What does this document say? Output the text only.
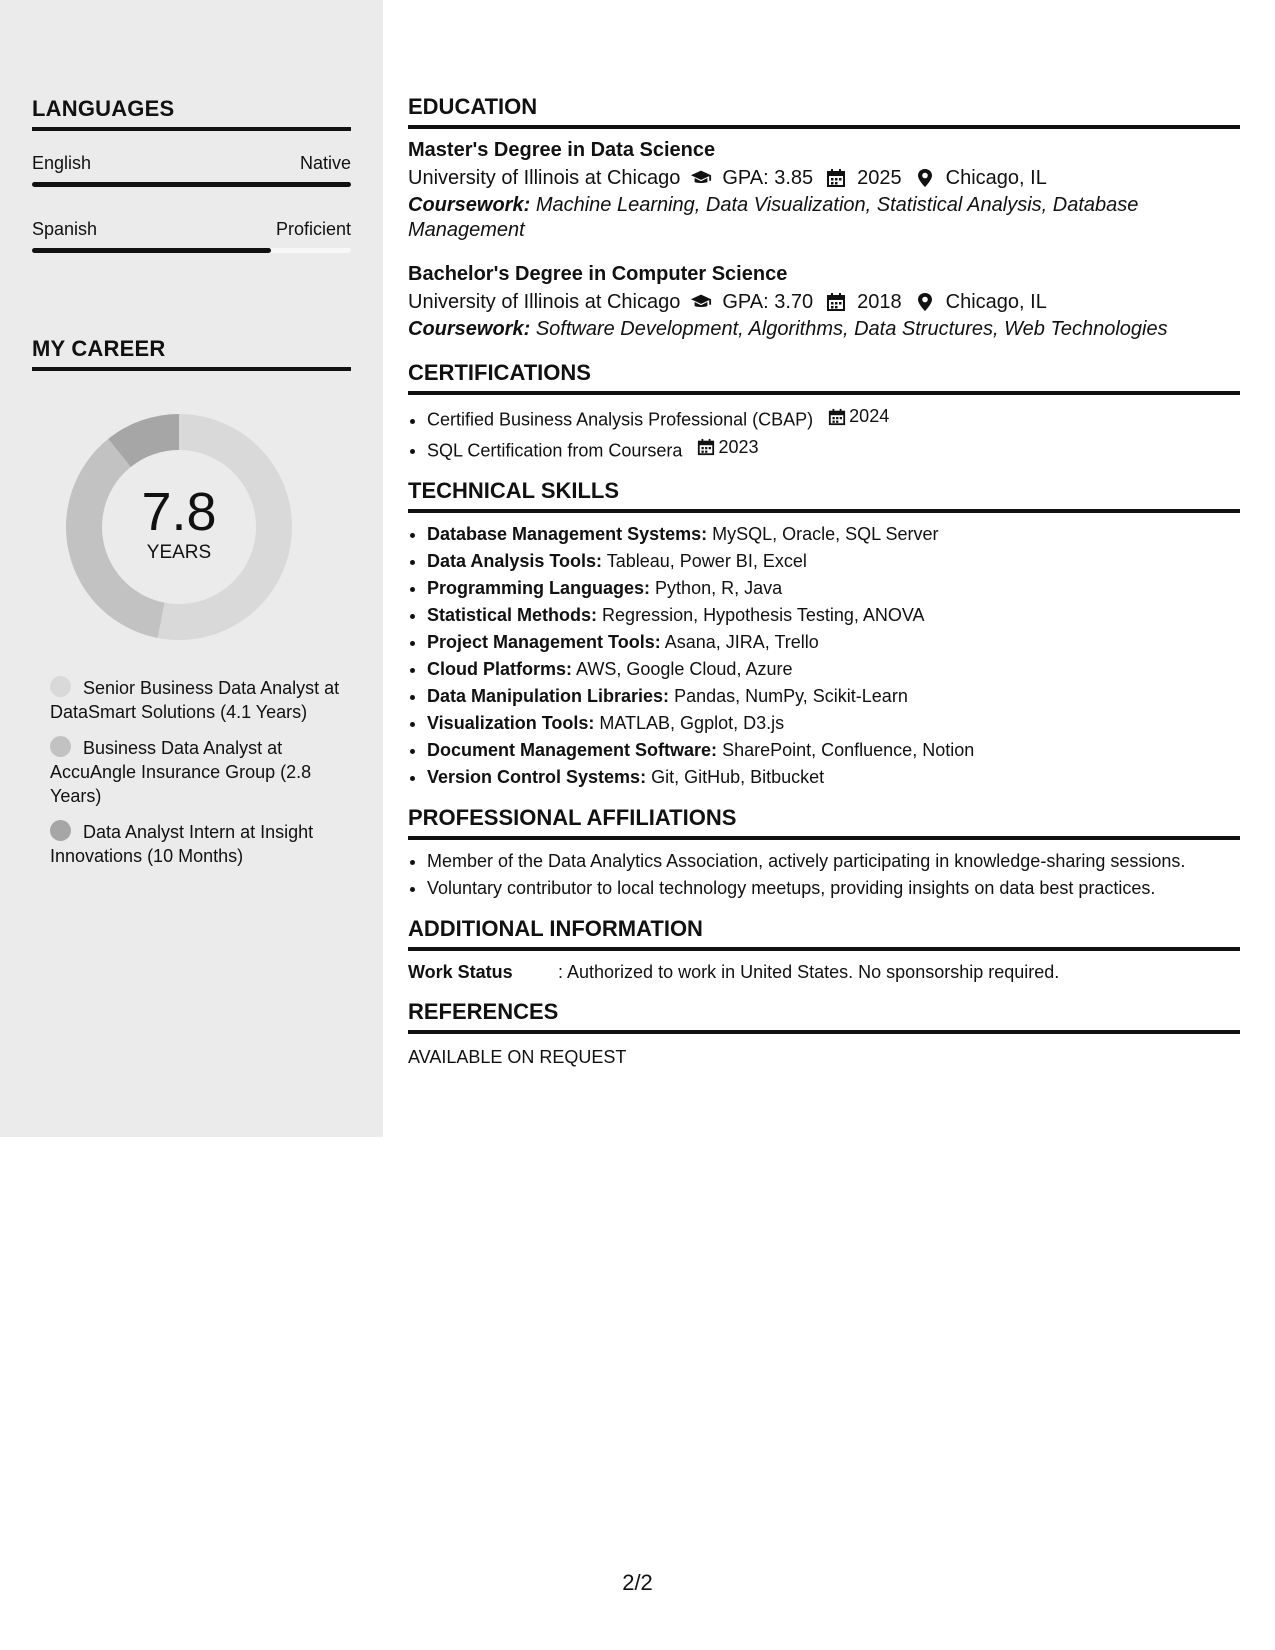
LANGUAGES
English	Native
Spanish	Proficient
MY CAREER
7.8
YEARS
Senior Business Data Analyst at DataSmart Solutions (4.1 Years)
Business Data Analyst at AccuAngle Insurance Group (2.8 Years)
Data Analyst Intern at Insight Innovations (10 Months)
EDUCATION
Master's Degree in Data Science
University of Illinois at Chicago GPA: 3.85 2025 Chicago, IL
Coursework: Machine Learning, Data Visualization, Statistical Analysis, Database Management
Bachelor's Degree in Computer Science
University of Illinois at Chicago GPA: 3.70 2018 Chicago, IL
Coursework: Software Development, Algorithms, Data Structures, Web Technologies
CERTIFICATIONS
• Certified Business Analysis Professional (CBAP) 2024
• SQL Certification from Coursera 2023
TECHNICAL SKILLS
• Database Management Systems: MySQL, Oracle, SQL Server
• Data Analysis Tools: Tableau, Power BI, Excel
• Programming Languages: Python, R, Java
• Statistical Methods: Regression, Hypothesis Testing, ANOVA
• Project Management Tools: Asana, JIRA, Trello
• Cloud Platforms: AWS, Google Cloud, Azure
• Data Manipulation Libraries: Pandas, NumPy, Scikit-Learn
• Visualization Tools: MATLAB, Ggplot, D3.js
• Document Management Software: SharePoint, Confluence, Notion
• Version Control Systems: Git, GitHub, Bitbucket
PROFESSIONAL AFFILIATIONS
• Member of the Data Analytics Association, actively participating in knowledge-sharing sessions.
• Voluntary contributor to local technology meetups, providing insights on data best practices.
ADDITIONAL INFORMATION
Work Status	: Authorized to work in United States. No sponsorship required.
REFERENCES
AVAILABLE ON REQUEST
2/2
